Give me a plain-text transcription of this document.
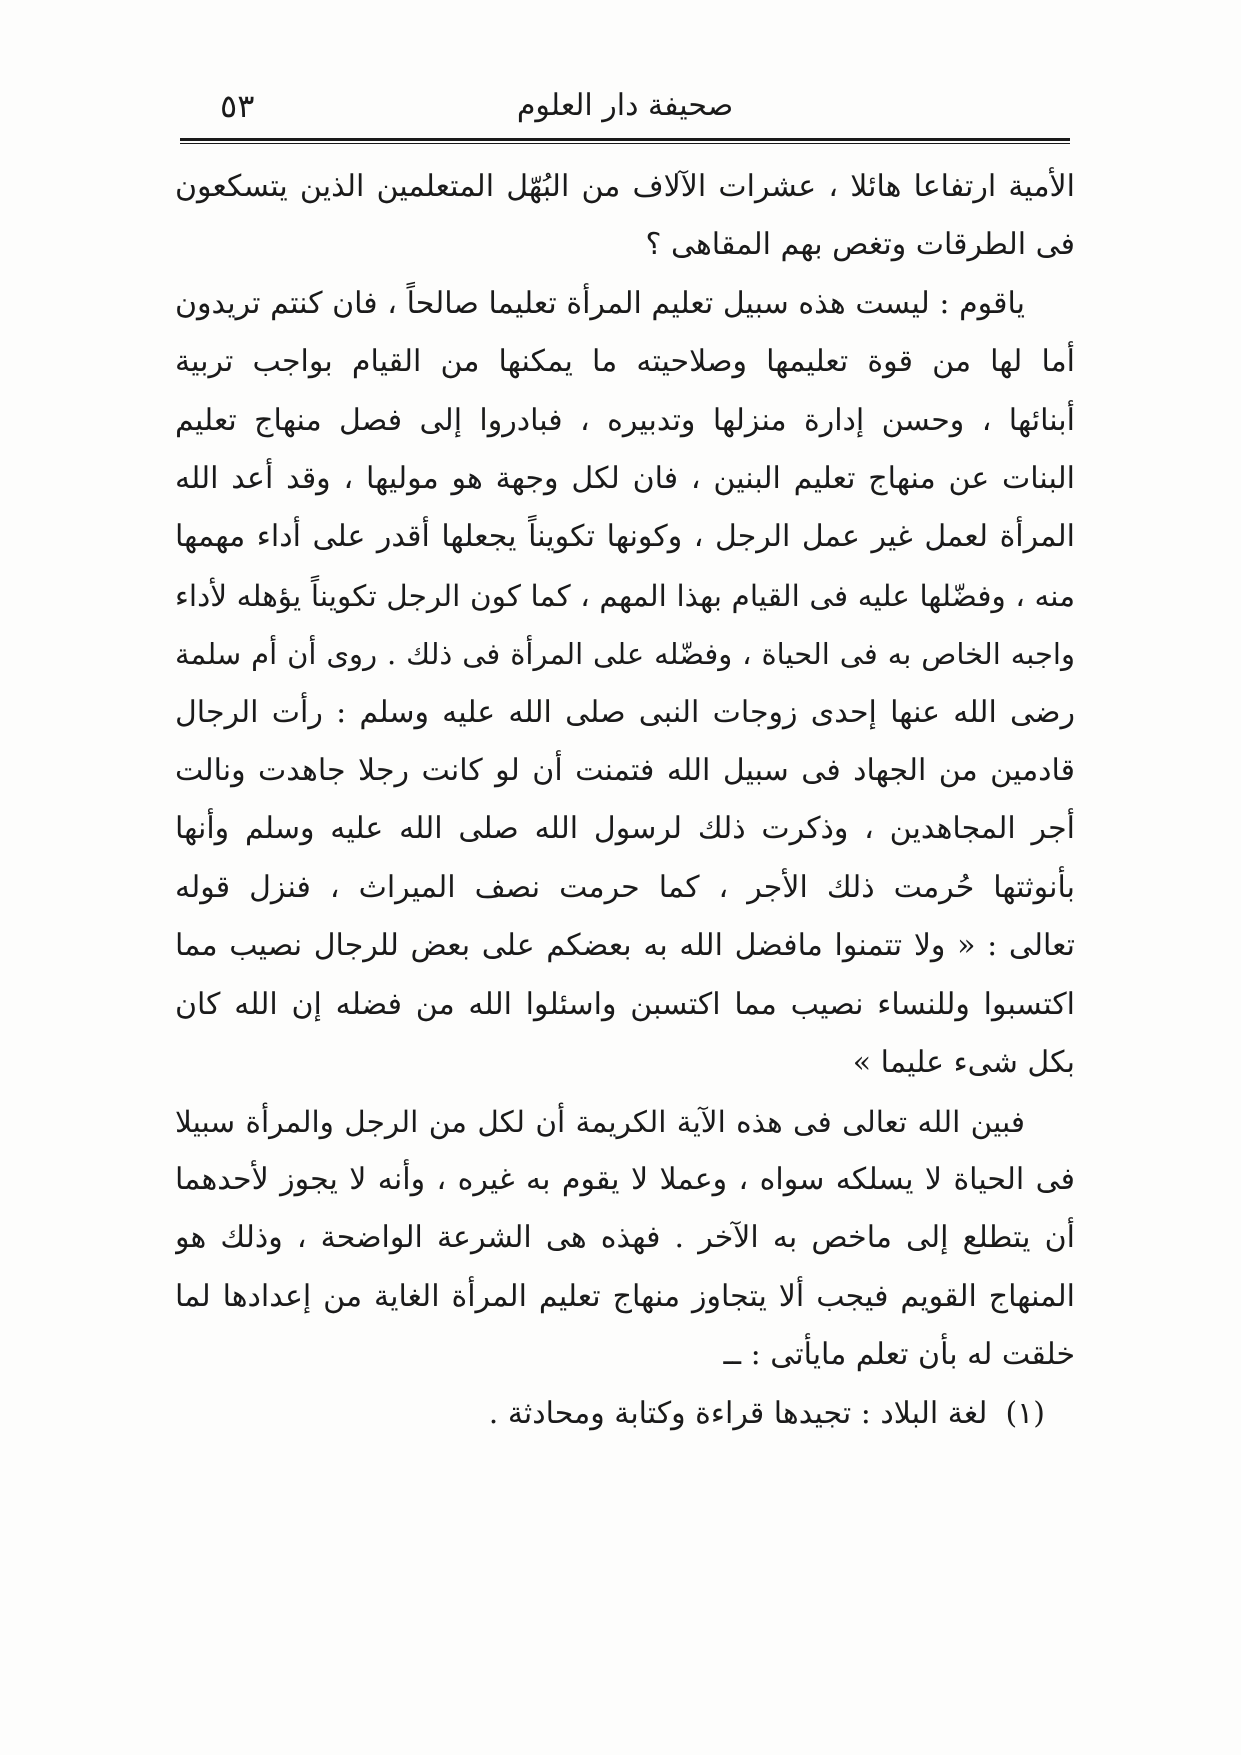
صحيفة دار العلوم
٥٣

الأمية ارتفاعا هائلا ، عشرات الآلاف من البُهّل المتعلمين الذين يتسكعون
فى الطرقات وتغص بهم المقاهى ؟

ياقوم : ليست هذه سبيل تعليم المرأة تعليما صالحاً ، فان كنتم تريدون
أما لها من قوة تعليمها وصلاحيته ما يمكنها من القيام بواجب تربية
أبنائها ، وحسن إدارة منزلها وتدبيره ، فبادروا إلى فصل منهاج تعليم
البنات عن منهاج تعليم البنين ، فان لكل وجهة هو موليها ، وقد أعد الله
المرأة لعمل غير عمل الرجل ، وكونها تكويناً يجعلها أقدر على أداء مهمها
منه ، وفضّلها عليه فى القيام بهذا المهم ، كما كون الرجل تكويناً يؤهله لأداء
واجبه الخاص به فى الحياة ، وفضّله على المرأة فى ذلك . روى أن أم سلمة
رضى الله عنها إحدى زوجات النبى صلى الله عليه وسلم : رأت الرجال
قادمين من الجهاد فى سبيل الله فتمنت أن لو كانت رجلا جاهدت ونالت
أجر المجاهدين ، وذكرت ذلك لرسول الله صلى الله عليه وسلم وأنها
بأنوثتها حُرمت ذلك الأجر ، كما حرمت نصف الميراث ، فنزل قوله
تعالى : « ولا تتمنوا مافضل الله به بعضكم على بعض للرجال نصيب مما
اكتسبوا وللنساء نصيب مما اكتسبن واسئلوا الله من فضله إن الله كان
بكل شىء عليما »

فبين الله تعالى فى هذه الآية الكريمة أن لكل من الرجل والمرأة سبيلا
فى الحياة لا يسلكه سواه ، وعملا لا يقوم به غيره ، وأنه لا يجوز لأحدهما
أن يتطلع إلى ماخص به الآخر . فهذه هى الشرعة الواضحة ، وذلك هو
المنهاج القويم فيجب ألا يتجاوز منهاج تعليم المرأة الغاية من إعدادها لما
خلقت له بأن تعلم مايأتى : ــ

(١)لغة البلاد : تجيدها قراءة وكتابة ومحادثة .
